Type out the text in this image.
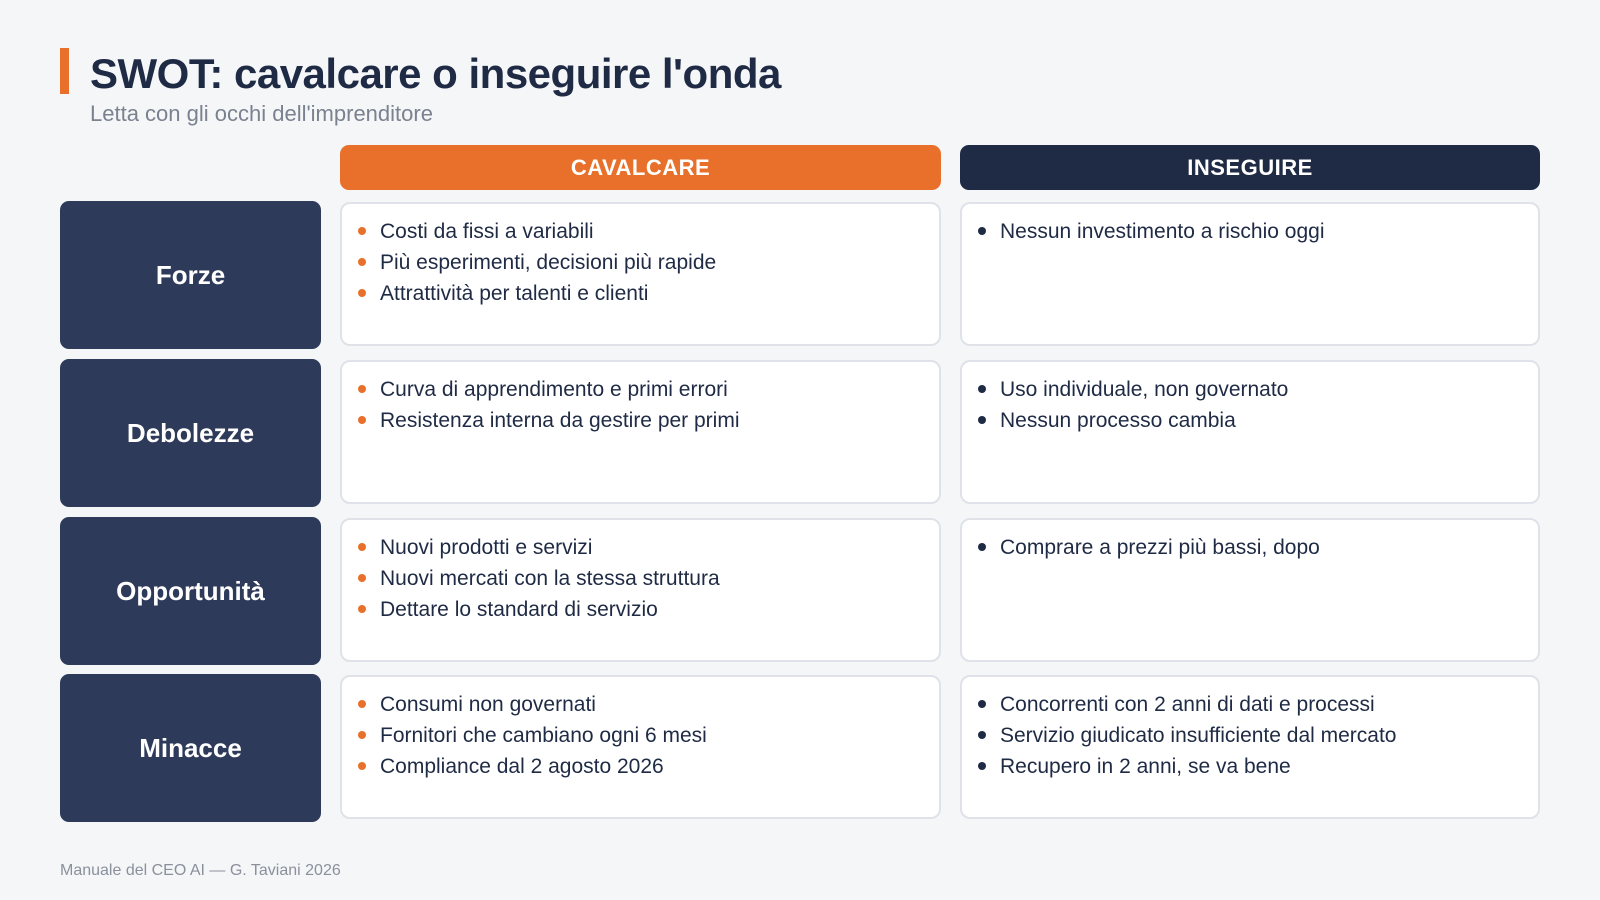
SWOT: cavalcare o inseguire l'onda
Letta con gli occhi dell'imprenditore
CAVALCARE	INSEGUIRE
Forze
Costi da fissi a variabili
Più esperimenti, decisioni più rapide
Attrattività per talenti e clienti
Nessun investimento a rischio oggi
Debolezze
Curva di apprendimento e primi errori
Resistenza interna da gestire per primi
Uso individuale, non governato
Nessun processo cambia
Opportunità
Nuovi prodotti e servizi
Nuovi mercati con la stessa struttura
Dettare lo standard di servizio
Comprare a prezzi più bassi, dopo
Minacce
Consumi non governati
Fornitori che cambiano ogni 6 mesi
Compliance dal 2 agosto 2026
Concorrenti con 2 anni di dati e processi
Servizio giudicato insufficiente dal mercato
Recupero in 2 anni, se va bene
Manuale del CEO AI — G. Taviani 2026
